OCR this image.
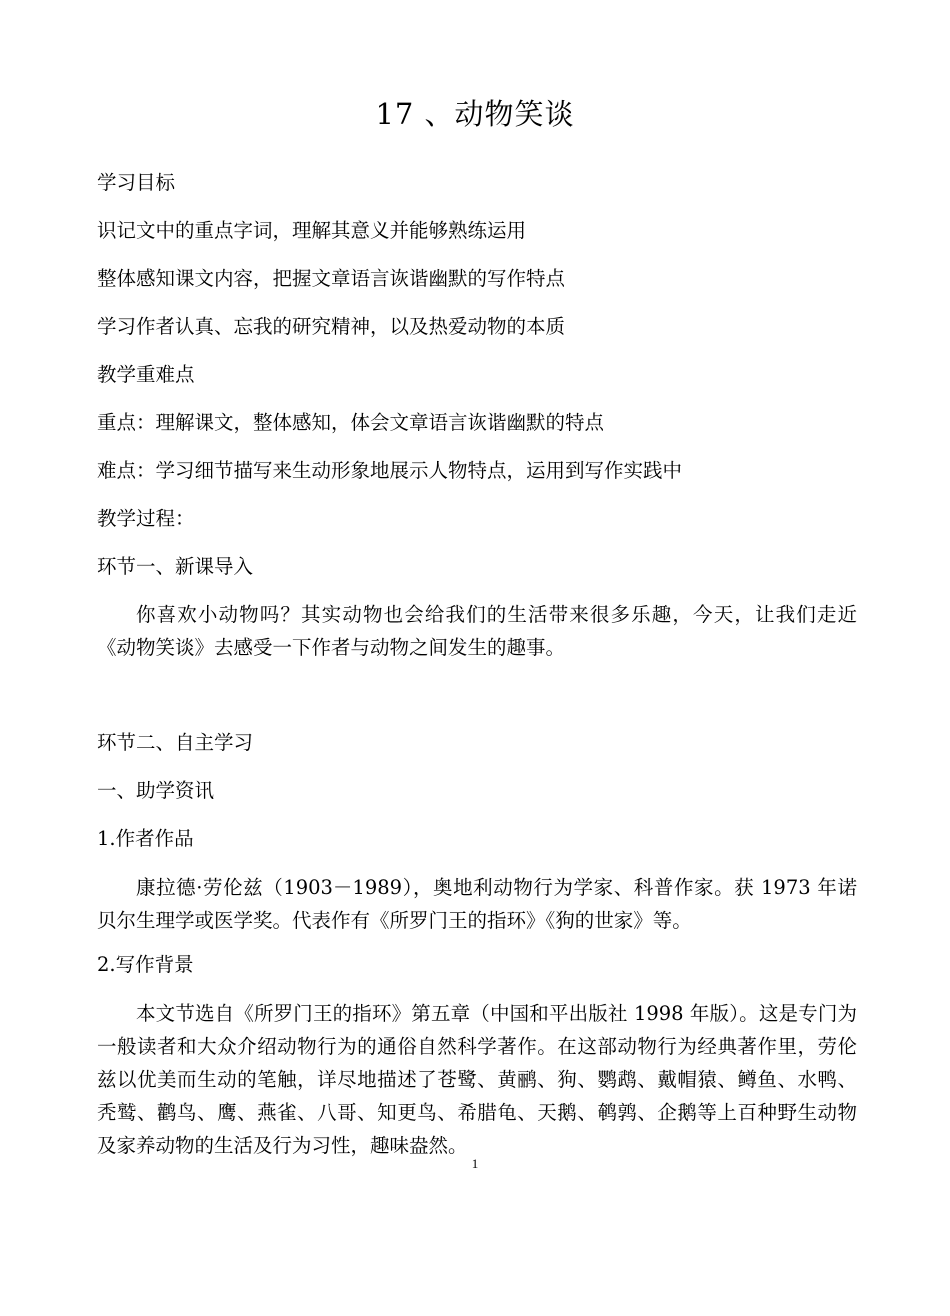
17 、动物笑谈
学习目标
识记文中的重点字词，理解其意义并能够熟练运用
整体感知课文内容，把握文章语言诙谐幽默的写作特点
学习作者认真、忘我的研究精神，以及热爱动物的本质
教学重难点
重点：理解课文，整体感知，体会文章语言诙谐幽默的特点
难点：学习细节描写来生动形象地展示人物特点，运用到写作实践中
教学过程：
环节一、新课导入
你喜欢小动物吗？其实动物也会给我们的生活带来很多乐趣，今天，让我们走近《动物笑谈》去感受一下作者与动物之间发生的趣事。
环节二、自主学习
一、助学资讯
1.作者作品
康拉德·劳伦兹（1903－1989），奥地利动物行为学家、科普作家。获 1973 年诺贝尔生理学或医学奖。代表作有《所罗门王的指环》《狗的世家》等。
2.写作背景
本文节选自《所罗门王的指环》第五章（中国和平出版社 1998 年版）。这是专门为一般读者和大众介绍动物行为的通俗自然科学著作。在这部动物行为经典著作里，劳伦兹以优美而生动的笔触，详尽地描述了苍鹭、黄鹂、狗、鹦鹉、戴帽猿、鳟鱼、水鸭、秃鹫、鹳鸟、鹰、燕雀、八哥、知更鸟、希腊龟、天鹅、鹌鹑、企鹅等上百种野生动物及家养动物的生活及行为习性，趣味盎然。
1
